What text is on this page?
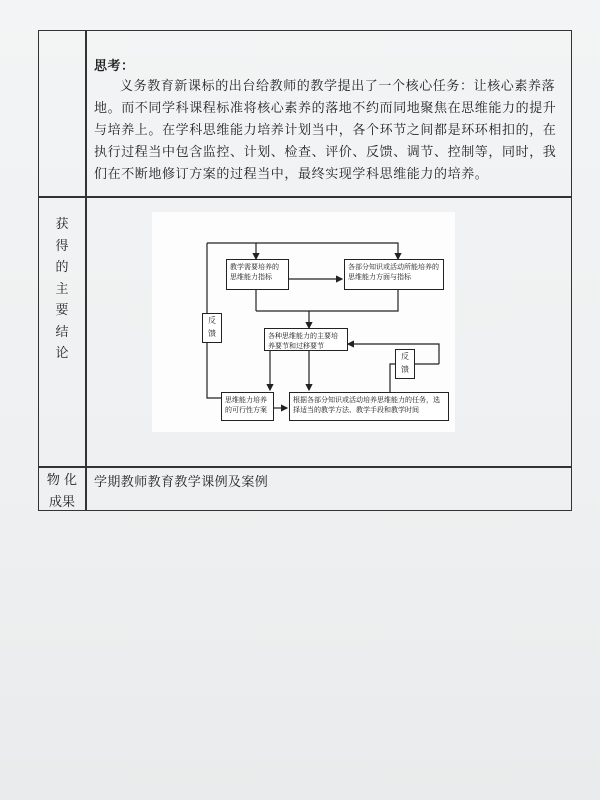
思考：

义务教育新课标的出台给教师的教学提出了一个核心任务：让核心素养落地。而不同学科课程标准将核心素养的落地不约而同地聚焦在思维能力的提升与培养上。在学科思维能力培养计划当中，各个环节之间都是环环相扣的，在执行过程当中包含监控、计划、检查、评价、反馈、调节、控制等，同时，我们在不断地修订方案的过程当中，最终实现学科思维能力的培养。

获
得
的
主
要
结
论
物 化
成果
学期教师教育教学课例及案例
教学需要培养的思维能力指标
各部分知识或活动所能培养的思维能力方面与指标
各种思维能力的主要培养要节和过移要节
思维能力培养的可行性方案
根据各部分知识或活动培养思维能力的任务，选择适当的教学方法、教学手段和教学时间
反
馈
反
馈
